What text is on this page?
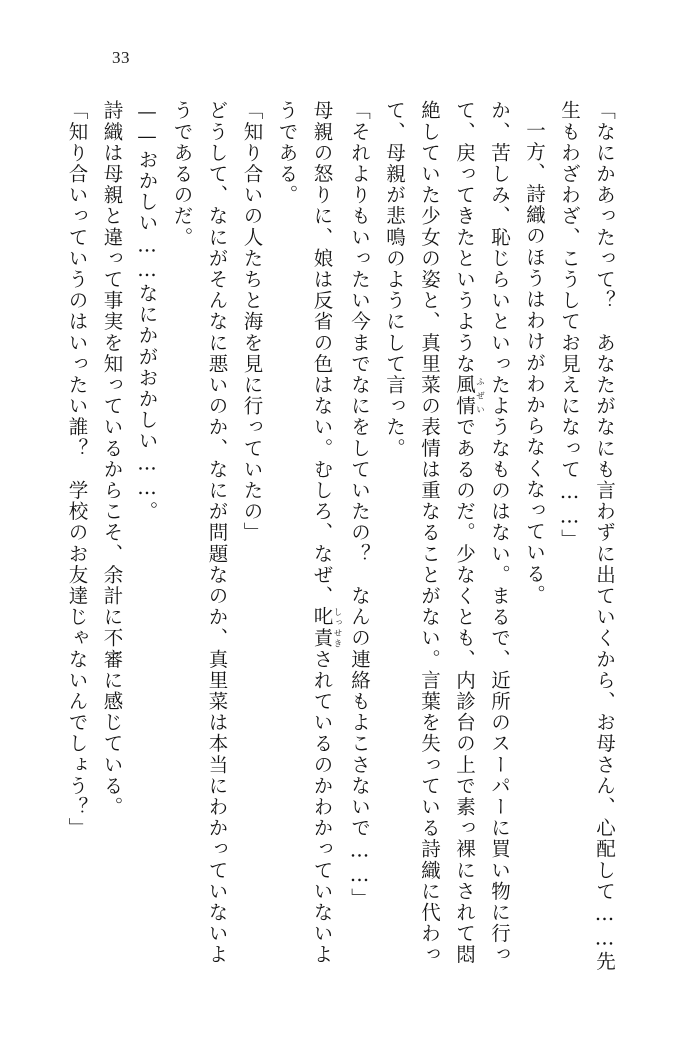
33
「なにかあったって？　あなたがなにも言わずに出ていくから、お母さん、心配して……先生もわざわざ、こうしてお見えになって……」
一方、詩織のほうはわけがわからなくなっている。
か、苦しみ、恥じらいといったようなものはない。まるで、近所のスーパーに買い物に行って、戻ってきたというような風情ふぜいであるのだ。少なくとも、内診台の上で素っ裸にされて悶絶していた少女の姿と、真里菜の表情は重なることがない。言葉を失っている詩織に代わって、母親が悲鳴のようにして言った。
「それよりもいったい今までなにをしていたの？　なんの連絡もよこさないで……」
母親の怒りに、娘は反省の色はない。むしろ、なぜ、叱責しっせきされているのかわかっていないようである。
「知り合いの人たちと海を見に行っていたの」
どうして、なにがそんなに悪いのか、なにが問題なのか、真里菜は本当にわかっていないようであるのだ。
——おかしい……なにかがおかしい……。
詩織は母親と違って事実を知っているからこそ、余計に不審に感じている。
「知り合いっていうのはいったい誰？　学校のお友達じゃないんでしょう？」
